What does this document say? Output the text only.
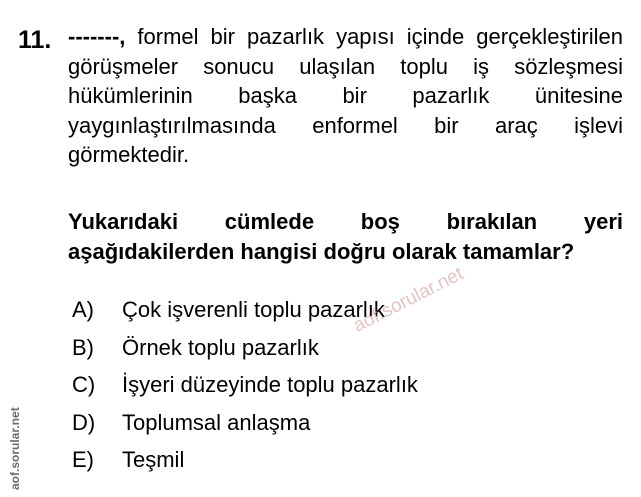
11. -------, formel bir pazarlık yapısı içinde gerçekleştirilen görüşmeler sonucu ulaşılan toplu iş sözleşmesi hükümlerinin başka bir pazarlık ünitesine yaygınlaştırılmasında enformel bir araç işlevi görmektedir.
Yukarıdaki cümlede boş bırakılan yeri aşağıdakilerden hangisi doğru olarak tamamlar?
A)	Çok işverenli toplu pazarlık
B)	Örnek toplu pazarlık
C)	İşyeri düzeyinde toplu pazarlık
D)	Toplumsal anlaşma
E)	Teşmil
aof.sorular.net
aof.sorular.net
